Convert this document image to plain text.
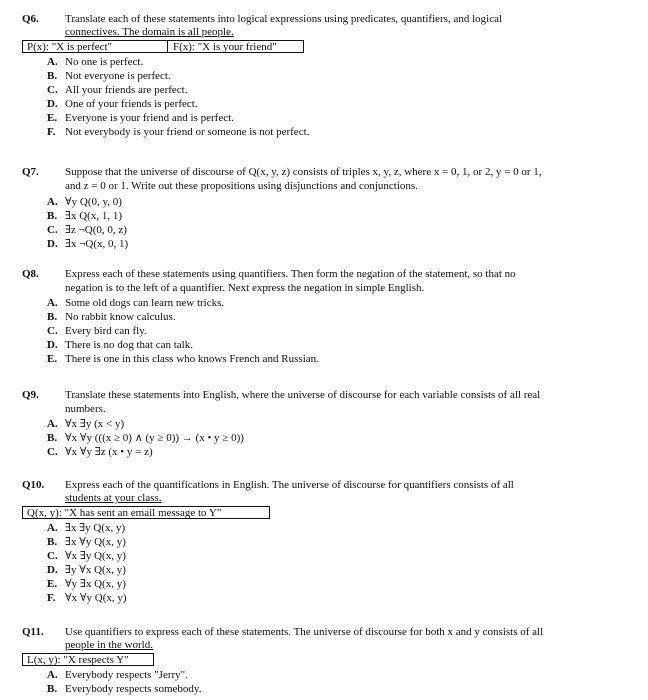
Q6. Translate each of these statements into logical expressions using predicates, quantifiers, and logical
connectives. The domain is all people.
P(x): "X is perfect"	F(x): "X is your friend"
A. No one is perfect.
B. Not everyone is perfect.
C. All your friends are perfect.
D. One of your friends is perfect.
E. Everyone is your friend and is perfect.
F. Not everybody is your friend or someone is not perfect.
Q7. Suppose that the universe of discourse of Q(x, y, z) consists of triples x, y, z, where x = 0, 1, or 2, y = 0 or 1,
and z = 0 or 1. Write out these propositions using disjunctions and conjunctions.
A. ∀y Q(0, y, 0)
B. ∃x Q(x, 1, 1)
C. ∃z ¬Q(0, 0, z)
D. ∃x ¬Q(x, 0, 1)
Q8. Express each of these statements using quantifiers. Then form the negation of the statement, so that no
negation is to the left of a quantifier. Next express the negation in simple English.
A. Some old dogs can learn new tricks.
B. No rabbit know calculus.
C. Every bird can fly.
D. There is no dog that can talk.
E. There is one in this class who knows French and Russian.
Q9. Translate these statements into English, where the universe of discourse for each variable consists of all real
numbers.
A. ∀x ∃y (x < y)
B. ∀x ∀y (((x ≥ 0) ∧ (y ≥ 0)) → (x • y ≥ 0))
C. ∀x ∀y ∃z (x • y = z)
Q10. Express each of the quantifications in English. The universe of discourse for quantifiers consists of all
students at your class.
Q(x, y): "X has sent an email message to Y"
A. ∃x ∃y Q(x, y)
B. ∃x ∀y Q(x, y)
C. ∀x ∃y Q(x, y)
D. ∃y ∀x Q(x, y)
E. ∀y ∃x Q(x, y)
F. ∀x ∀y Q(x, y)
Q11. Use quantifiers to express each of these statements. The universe of discourse for both x and y consists of all
people in the world.
L(x, y): "X respects Y"
A. Everybody respects "Jerry".
B. Everybody respects somebody.
